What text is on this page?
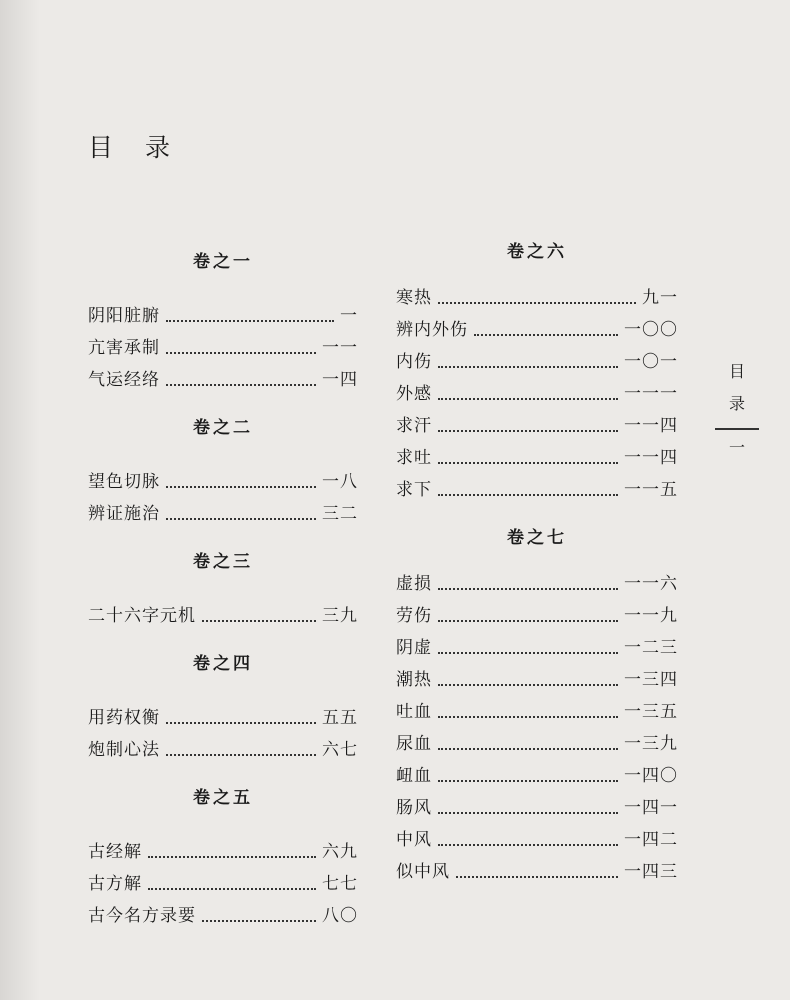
目 录
卷之一
阴阳脏腑	一
亢害承制	一一
气运经络	一四
卷之二
望色切脉	一八
辨证施治	三二
卷之三
二十六字元机	三九
卷之四
用药权衡	五五
炮制心法	六七
卷之五
古经解	六九
古方解	七七
古今名方录要	八〇
卷之六
寒热	九一
辨内外伤	一〇〇
内伤	一〇一
外感	一一一
求汗	一一四
求吐	一一四
求下	一一五
卷之七
虚损	一一六
劳伤	一一九
阴虚	一二三
潮热	一三四
吐血	一三五
尿血	一三九
衄血	一四〇
肠风	一四一
中风	一四二
似中风	一四三
目
录
一
